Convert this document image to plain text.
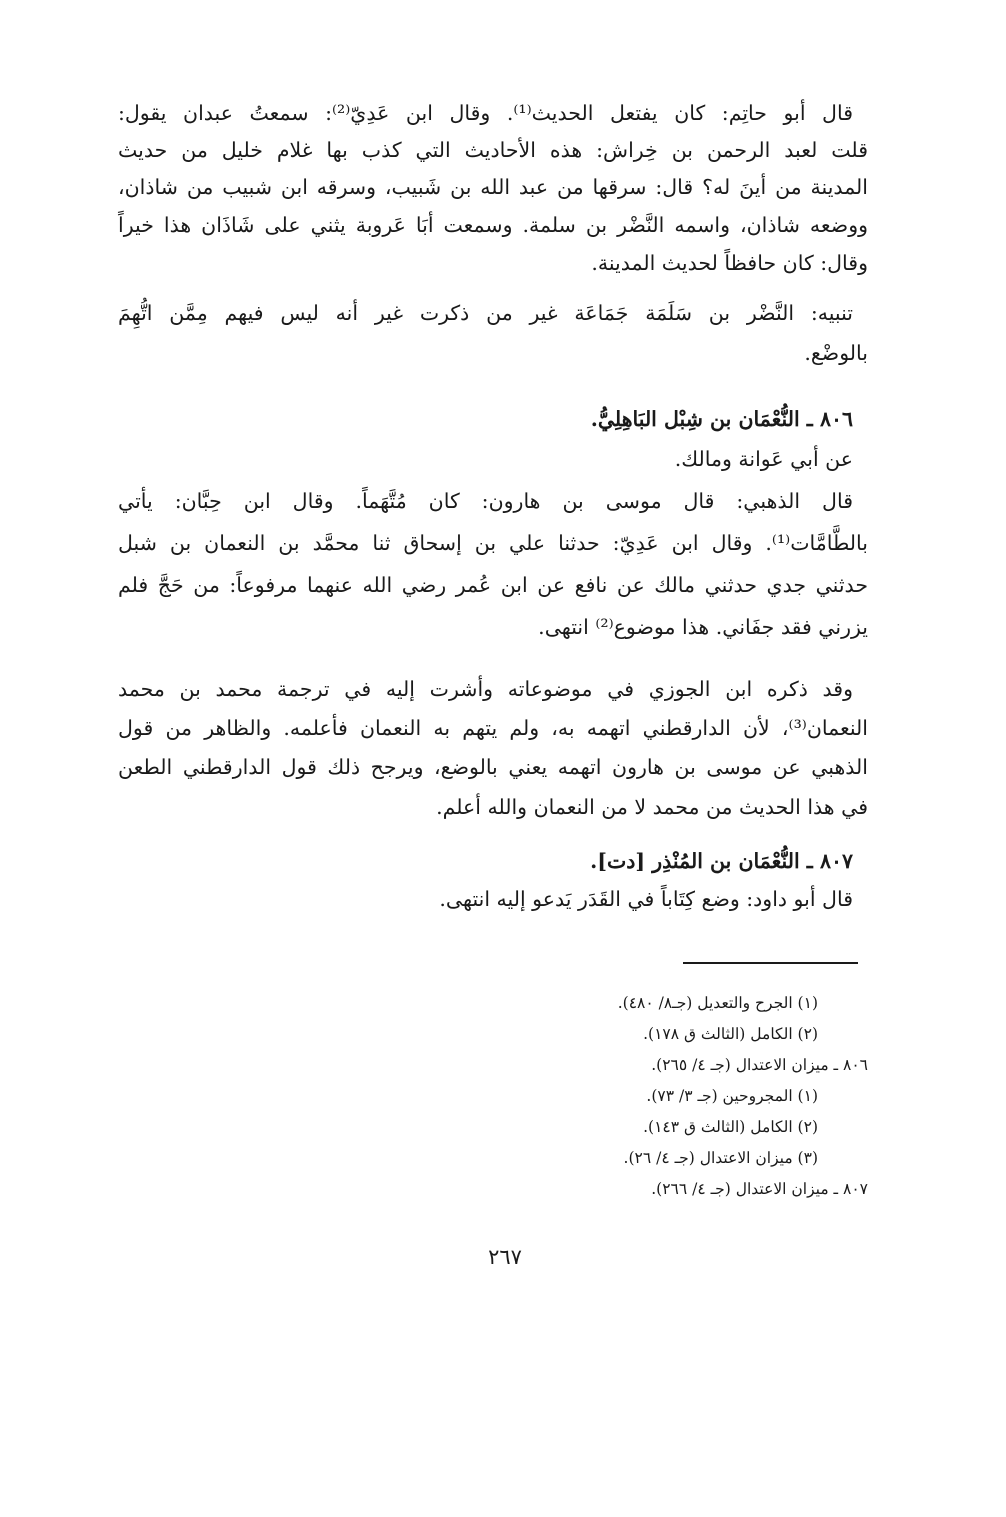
قال أبو حاتِم: كان يفتعل الحديث⁽¹⁾. وقال ابن عَدِيّ⁽²⁾: سمعتُ عبدان يقول:
قلت لعبد الرحمن بن خِراش: هذه الأحاديث التي كذب بها غلام خليل من حديث
المدينة من أينَ له؟ قال: سرقها من عبد الله بن شَبيب، وسرقه ابن شبيب من شاذان،
ووضعه شاذان، واسمه النَّضْر بن سلمة. وسمعت أبَا عَروبة يثني على شَاذَان هذا خيراً
وقال: كان حافظاً لحديث المدينة.
تنبيه: النَّضْر بن سَلَمَة جَمَاعَة غير من ذكرت غير أنه ليس فيهم مِمَّن اتُّهِمَ
بالوضْع.
٨٠٦ ـ النُّعْمَان بن شِبْل البَاهِلِيُّ.
عن أبي عَوانة ومالك.
قال الذهبي: قال موسى بن هارون: كان مُتَّهَماً. وقال ابن حِبَّان: يأتي
بالطَّامَّات⁽¹⁾. وقال ابن عَدِيّ: حدثنا علي بن إسحاق ثنا محمَّد بن النعمان بن شبل
حدثني جدي حدثني مالك عن نافع عن ابن عُمر رضي الله عنهما مرفوعاً: من حَجَّ فلم
يزرني فقد جفَاني. هذا موضوع⁽²⁾ انتهى.
وقد ذكره ابن الجوزي في موضوعاته وأشرت إليه في ترجمة محمد بن محمد
النعمان⁽³⁾، لأن الدارقطني اتهمه به، ولم يتهم به النعمان فأعلمه. والظاهر من قول
الذهبي عن موسى بن هارون اتهمه يعني بالوضع، ويرجح ذلك قول الدارقطني الطعن
في هذا الحديث من محمد لا من النعمان والله أعلم.
٨٠٧ ـ النُّعْمَان بن المُنْذِر [دت].
قال أبو داود: وضع كِتَاباً في القَدَر يَدعو إليه انتهى.
(١) الجرح والتعديل (جـ٨/ ٤٨٠).
(٢) الكامل (الثالث ق ١٧٨).
٨٠٦ ـ ميزان الاعتدال (جـ ٤/ ٢٦٥).
(١) المجروحين (جـ ٣/ ٧٣).
(٢) الكامل (الثالث ق ١٤٣).
(٣) ميزان الاعتدال (جـ ٤/ ٢٦).
٨٠٧ ـ ميزان الاعتدال (جـ ٤/ ٢٦٦).
٢٦٧
